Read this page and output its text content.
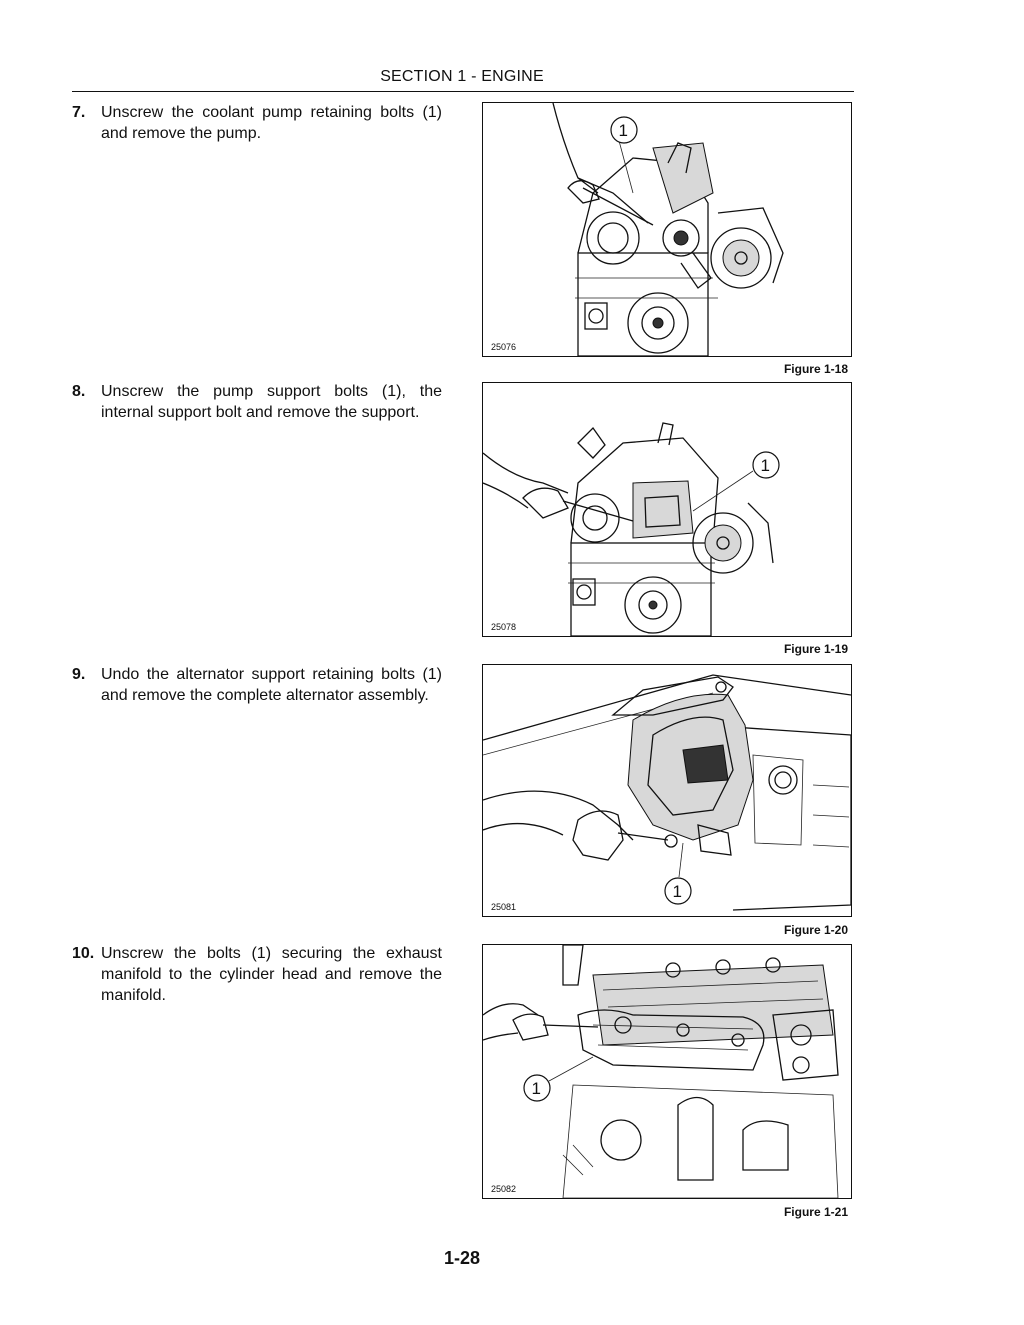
SECTION 1 - ENGINE
7. Unscrew the coolant pump retaining bolts (1) and remove the pump.	1
25076
Figure 1-18
8. Unscrew the pump support bolts (1), the internal support bolt and remove the support.
1
25078
Figure 1-19
9. Undo the alternator support retaining bolts (1) and remove the complete alternator assembly.
1
25081
Figure 1-20
10. Unscrew the bolts (1) securing the exhaust manifold to the cylinder head and remove the manifold.
1
25082
Figure 1-21
1-28
